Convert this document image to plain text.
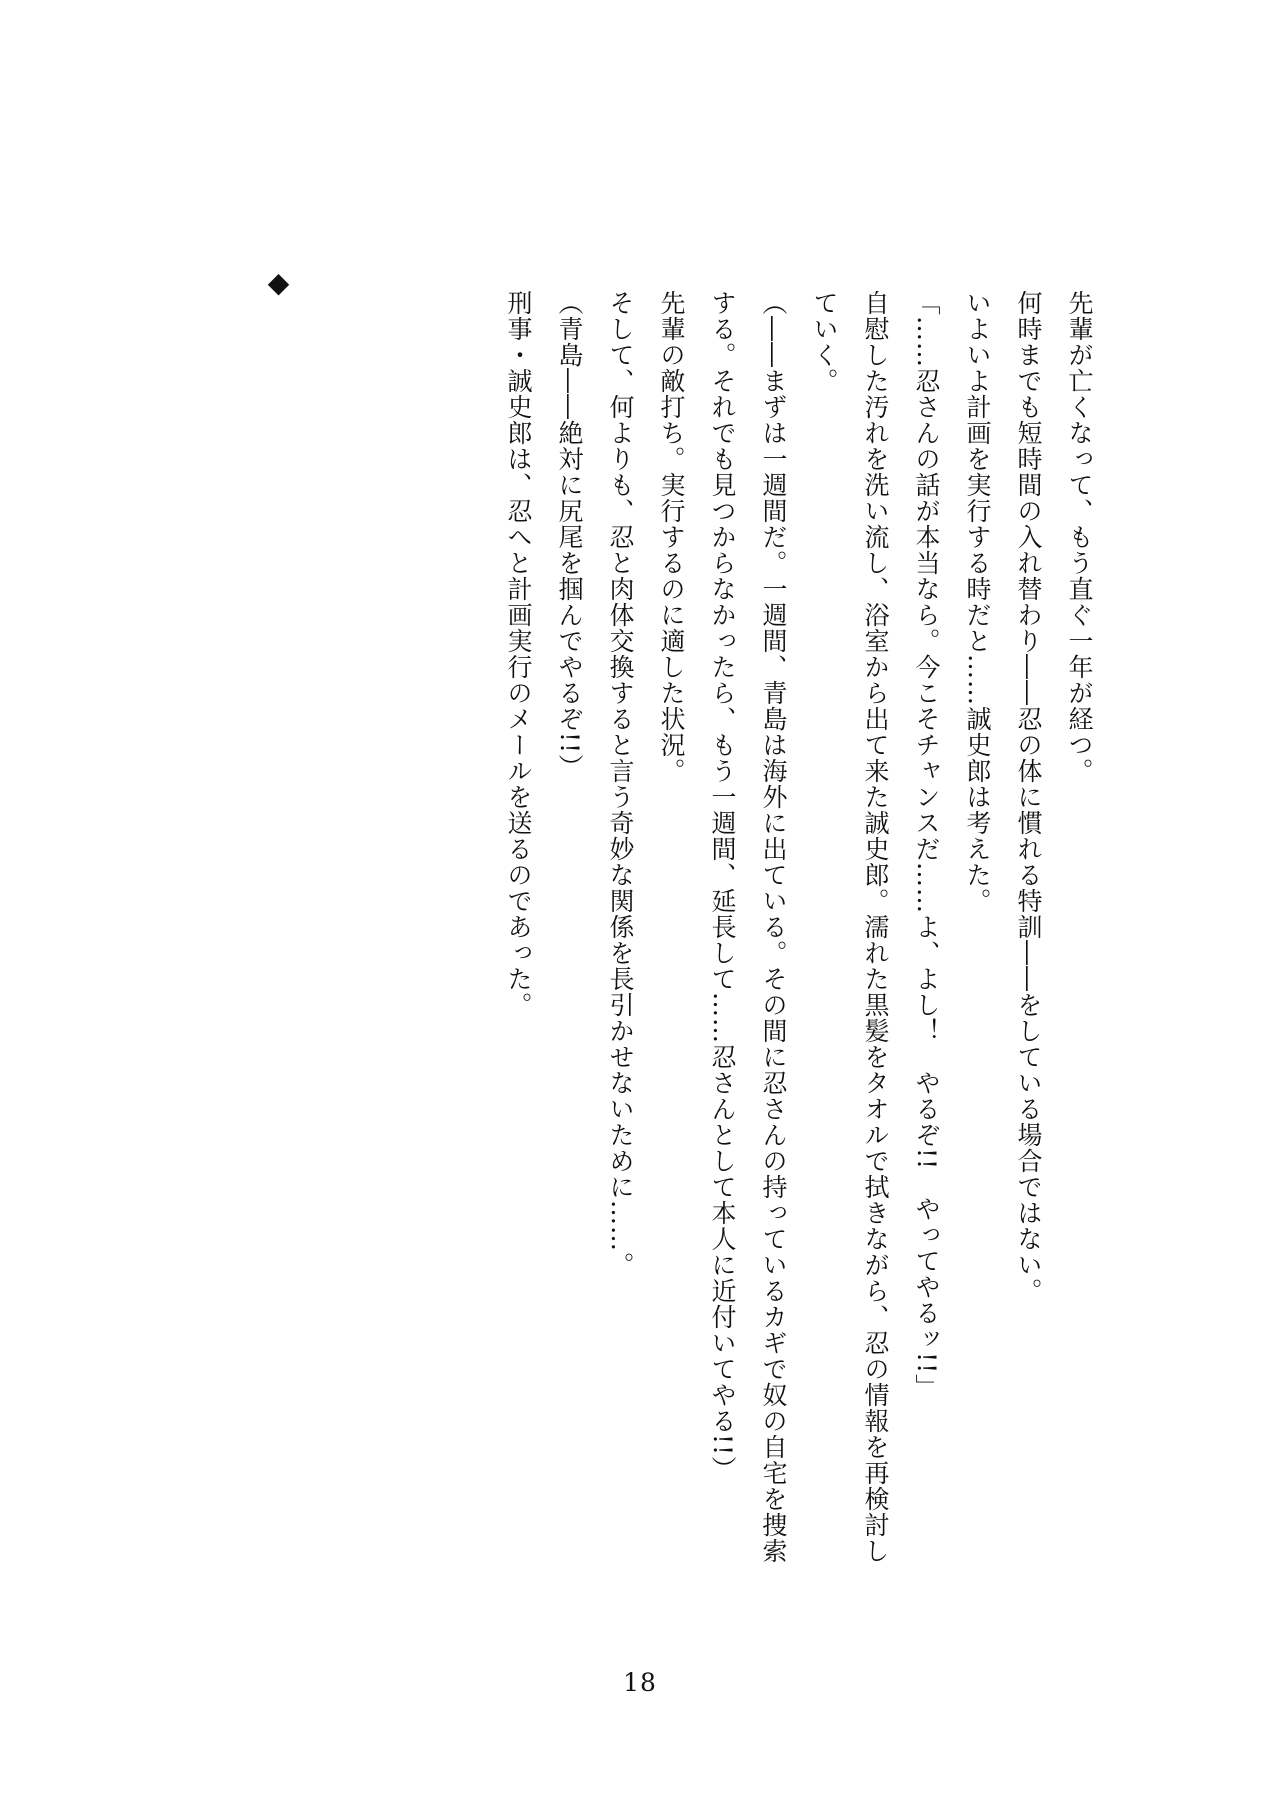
先輩が亡くなって、もう直ぐ一年が経つ。

何時までも短時間の入れ替わり――忍の体に慣れる特訓――をしている場合ではない。

いよいよ計画を実行する時だと……誠史郎は考えた。

「……忍さんの話が本当なら。今こそチャンスだ……よ、よし！　やるぞ!!　やってやるッ!!」

自慰した汚れを洗い流し、浴室から出て来た誠史郎。濡れた黒髪をタオルで拭きながら、忍の情報を再検討していく。

（――まずは一週間だ。一週間、青島は海外に出ている。その間に忍さんの持っているカギで奴の自宅を捜索する。それでも見つからなかったら、もう一週間、延長して……忍さんとして本人に近付いてやる!!）

先輩の敵打ち。実行するのに適した状況。

そして、何よりも、忍と肉体交換すると言う奇妙な関係を長引かせないために……。

（青島――絶対に尻尾を掴んでやるぞ!!）

刑事・誠史郎は、忍へと計画実行のメールを送るのであった。

◆
18
